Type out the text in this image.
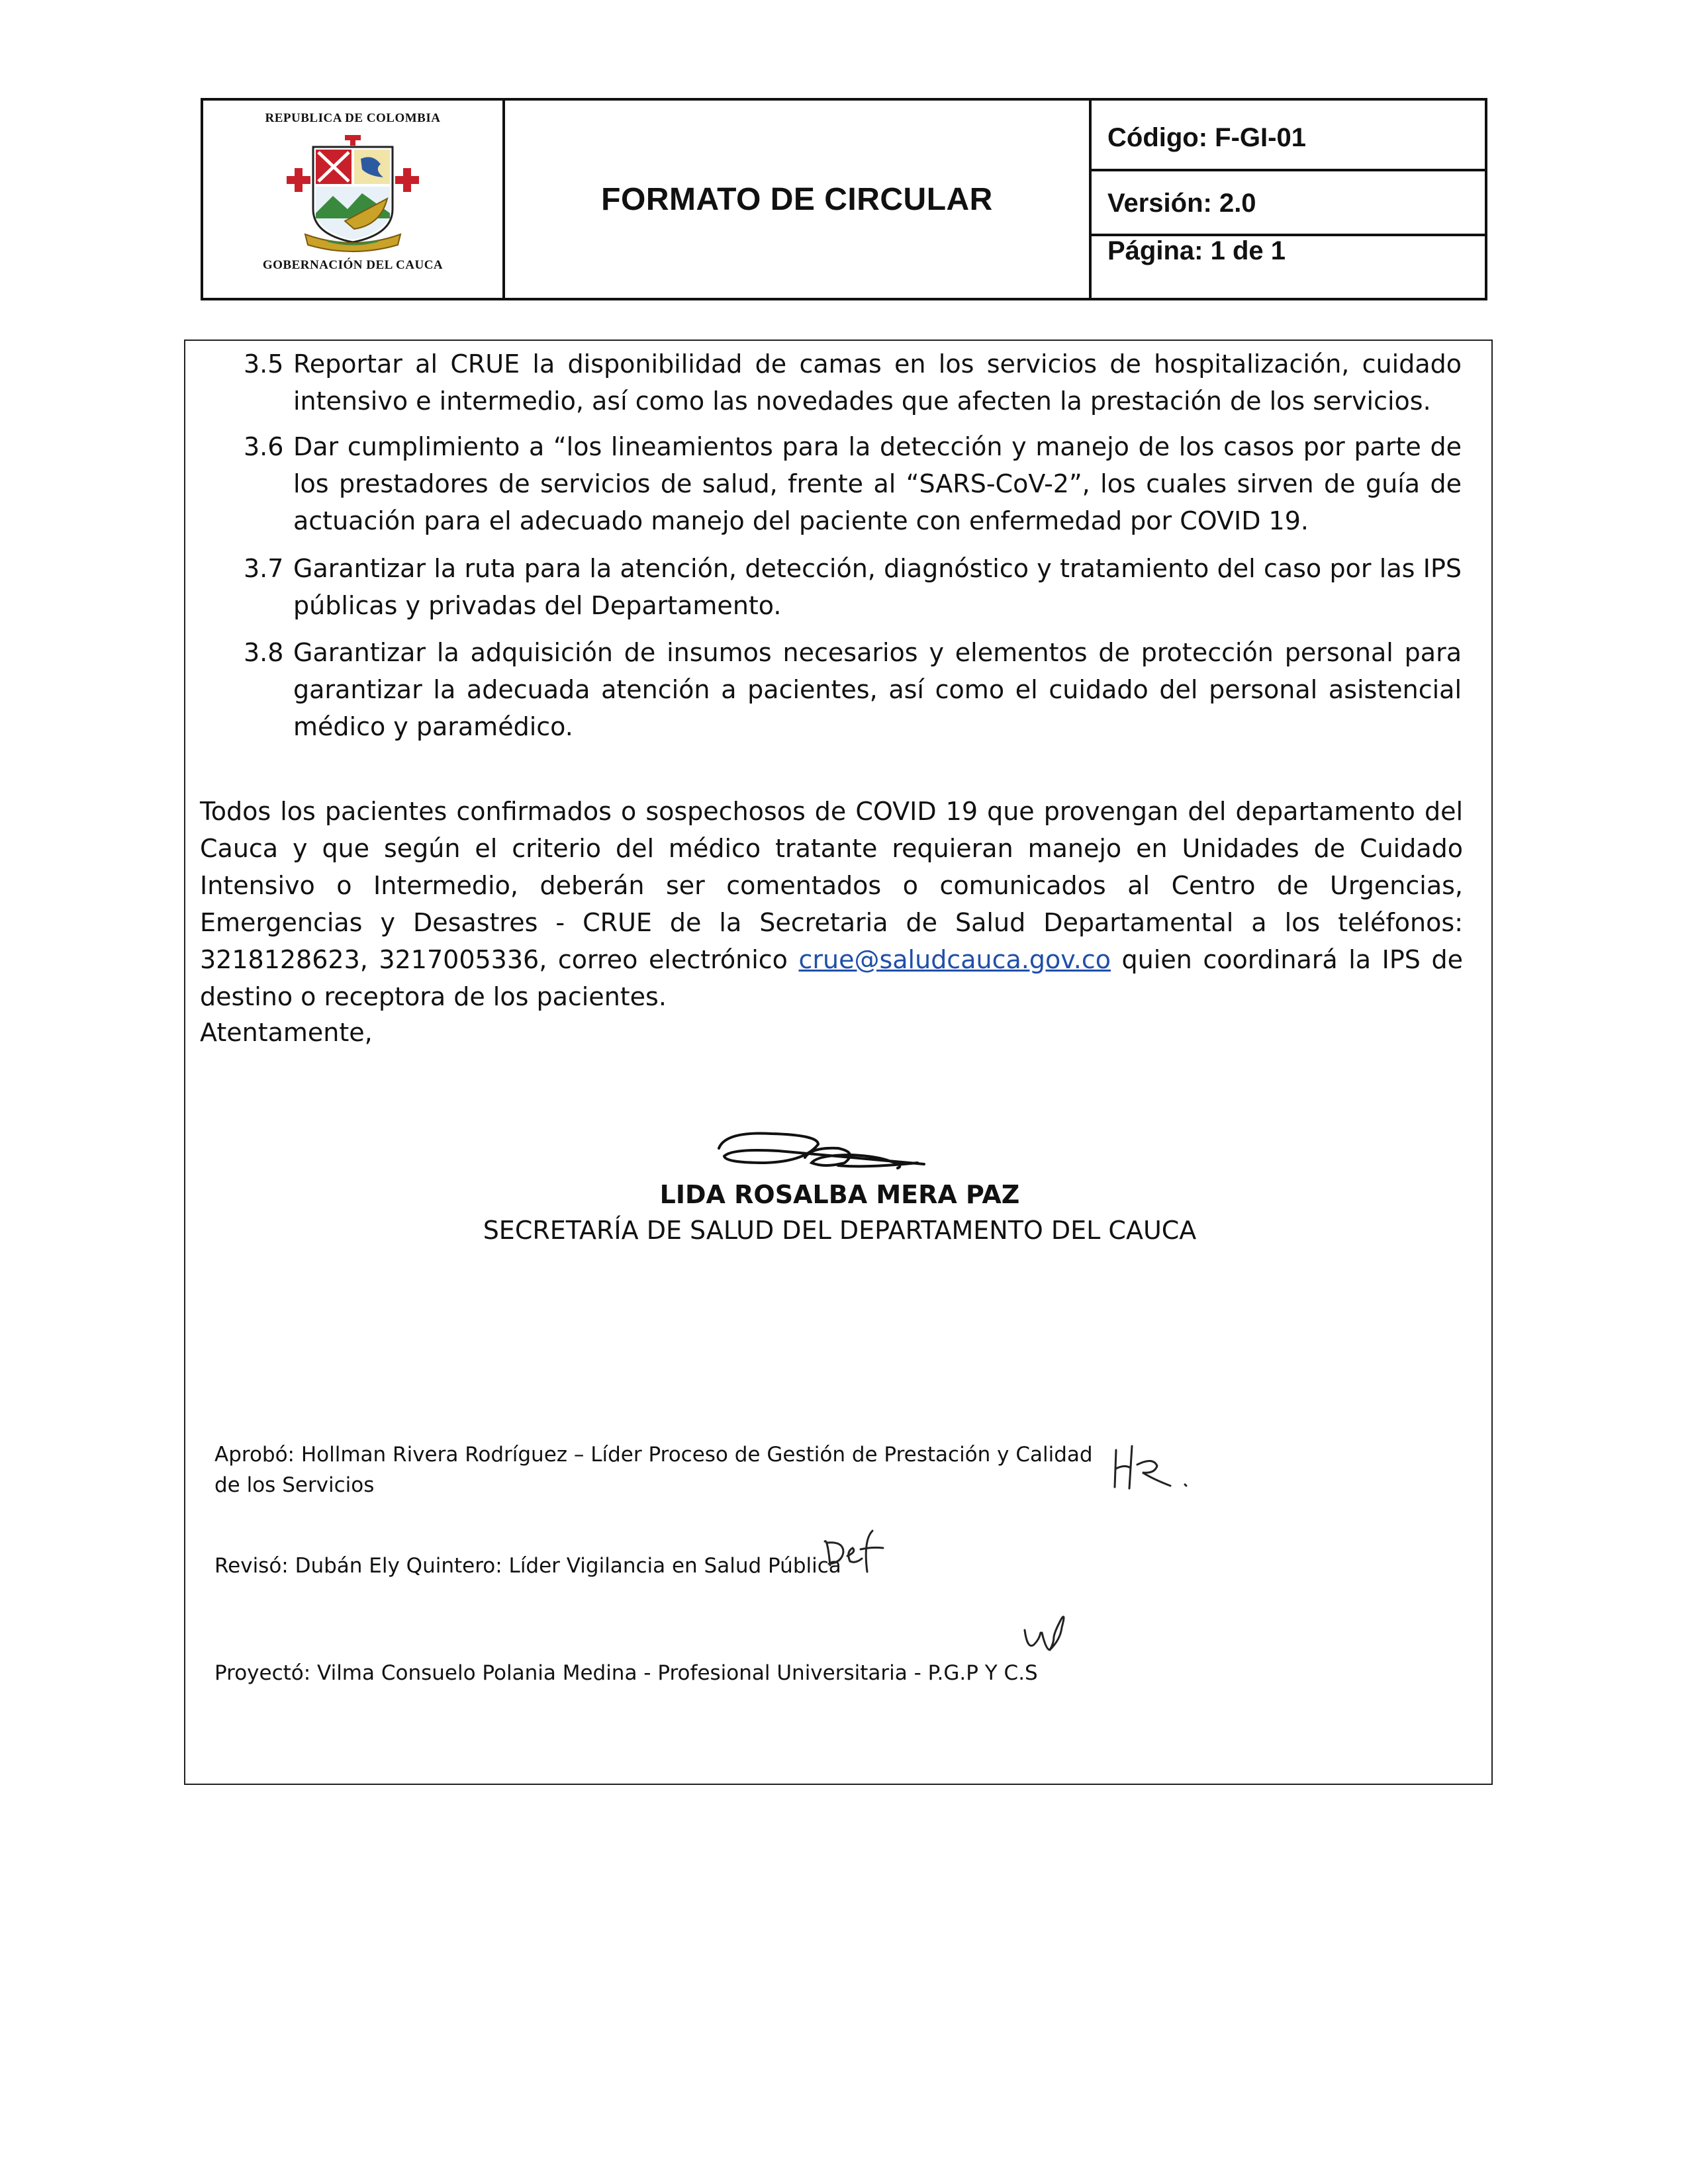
REPUBLICA DE COLOMBIA
GOBERNACIÓN DEL CAUCA
FORMATO DE CIRCULAR
Código: F-GI-01
Versión: 2.0
Página: 1 de 1
3.5 Reportar al CRUE la disponibilidad de camas en los servicios de hospitalización, cuidado intensivo e intermedio, así como las novedades que afecten la prestación de los servicios.
3.6 Dar cumplimiento a “los lineamientos para la detección y manejo de los casos por parte de los prestadores de servicios de salud, frente al “SARS-CoV-2”, los cuales sirven de guía de actuación para el adecuado manejo del paciente con enfermedad por COVID 19.
3.7 Garantizar la ruta para la atención, detección, diagnóstico y tratamiento del caso por las IPS públicas y privadas del Departamento.
3.8 Garantizar la adquisición de insumos necesarios y elementos de protección personal para garantizar la adecuada atención a pacientes, así como el cuidado del personal asistencial médico y paramédico.
Todos los pacientes confirmados o sospechosos de COVID 19 que provengan del departamento del Cauca y que según el criterio del médico tratante requieran manejo en Unidades de Cuidado Intensivo o Intermedio, deberán ser comentados o comunicados al Centro de Urgencias, Emergencias y Desastres - CRUE de la Secretaria de Salud Departamental a los teléfonos: 3218128623, 3217005336, correo electrónico crue@saludcauca.gov.co quien coordinará la IPS de destino o receptora de los pacientes.
Atentamente,
LIDA ROSALBA MERA PAZ
SECRETARÍA DE SALUD DEL DEPARTAMENTO DEL CAUCA
Aprobó: Hollman Rivera Rodríguez – Líder Proceso de Gestión de Prestación y Calidad de los Servicios
Revisó: Dubán Ely Quintero: Líder Vigilancia en Salud Pública
Proyectó: Vilma Consuelo Polania Medina - Profesional Universitaria - P.G.P Y C.S
